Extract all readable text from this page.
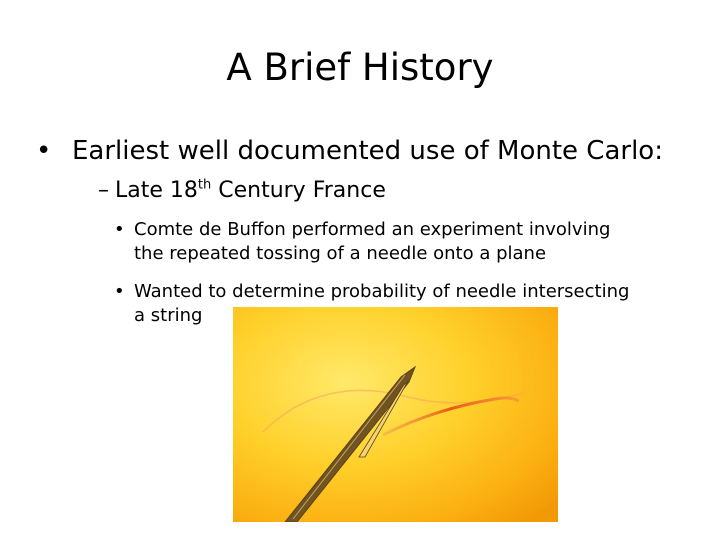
A Brief History
• Earliest well documented use of Monte Carlo:
– Late 18th Century France
• Comte de Buffon performed an experiment involving
the repeated tossing of a needle onto a plane
• Wanted to determine probability of needle intersecting
a string
